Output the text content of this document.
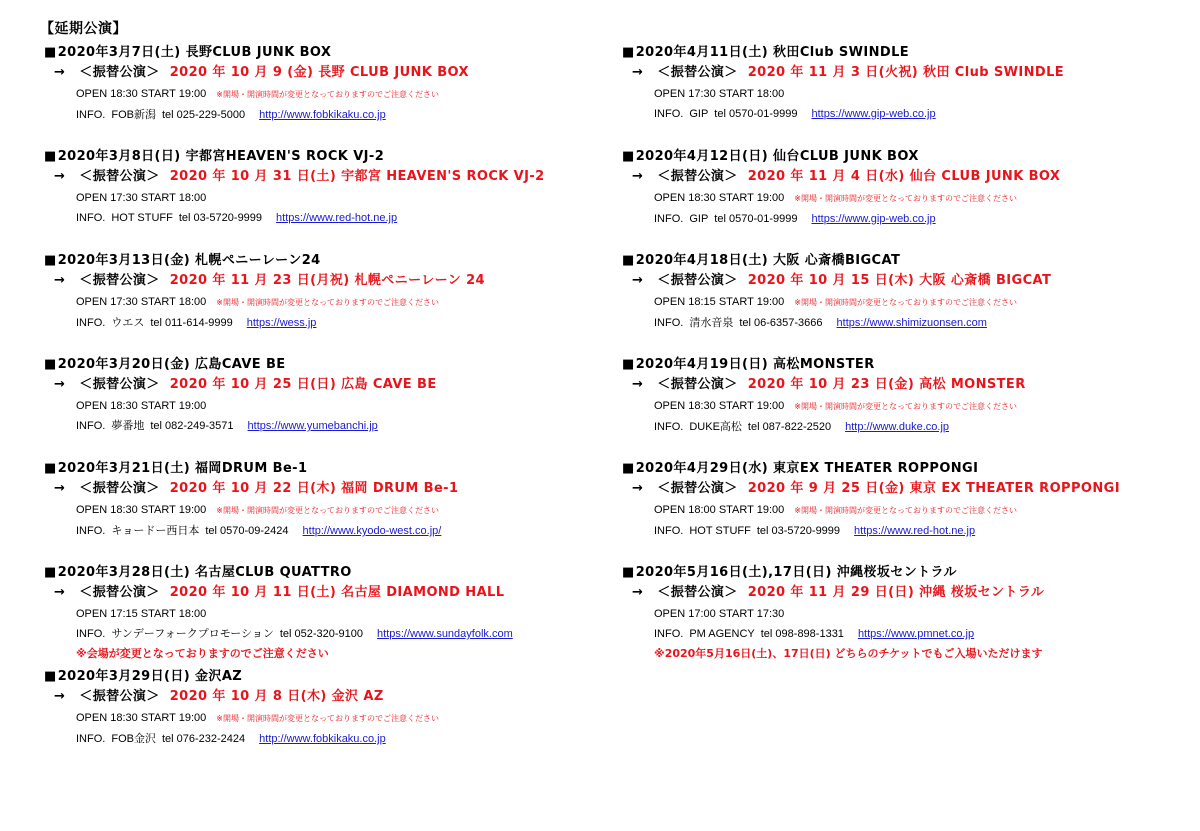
【延期公演】
■2020年3月7日(土) 長野CLUB JUNK BOX
→ ＜振替公演＞ 2020 年 10 月 9 (金) 長野 CLUB JUNK BOX
OPEN 18:30 START 19:00 ※開場・開演時間が変更となっておりますのでご注意ください
INFO. FOB新潟 tel 025-229-5000 http://www.fobkikaku.co.jp
■2020年3月8日(日) 宇都宮HEAVEN'S ROCK VJ-2
→ ＜振替公演＞ 2020 年 10 月 31 日(土) 宇都宮 HEAVEN'S ROCK VJ-2
OPEN 17:30 START 18:00
INFO. HOT STUFF tel 03-5720-9999 https://www.red-hot.ne.jp
■2020年3月13日(金) 札幌ペニーレーン24
→ ＜振替公演＞ 2020 年 11 月 23 日(月祝) 札幌ペニーレーン 24
OPEN 17:30 START 18:00 ※開場・開演時間が変更となっておりますのでご注意ください
INFO. ウエス tel 011-614-9999 https://wess.jp
■2020年3月20日(金) 広島CAVE BE
→ ＜振替公演＞ 2020 年 10 月 25 日(日) 広島 CAVE BE
OPEN 18:30 START 19:00
INFO. 夢番地 tel 082-249-3571 https://www.yumebanchi.jp
■2020年3月21日(土) 福岡DRUM Be-1
→ ＜振替公演＞ 2020 年 10 月 22 日(木) 福岡 DRUM Be-1
OPEN 18:30 START 19:00 ※開場・開演時間が変更となっておりますのでご注意ください
INFO. キョードー西日本 tel 0570-09-2424 http://www.kyodo-west.co.jp/
■2020年3月28日(土) 名古屋CLUB QUATTRO
→ ＜振替公演＞ 2020 年 10 月 11 日(土) 名古屋 DIAMOND HALL
OPEN 17:15 START 18:00
INFO. サンデーフォークプロモーション tel 052-320-9100 https://www.sundayfolk.com
※会場が変更となっておりますのでご注意ください
■2020年3月29日(日) 金沢AZ
→ ＜振替公演＞ 2020 年 10 月 8 日(木) 金沢 AZ
OPEN 18:30 START 19:00 ※開場・開演時間が変更となっておりますのでご注意ください
INFO. FOB金沢 tel 076-232-2424 http://www.fobkikaku.co.jp
■2020年4月11日(土) 秋田Club SWINDLE
→ ＜振替公演＞ 2020 年 11 月 3 日(火祝) 秋田 Club SWINDLE
OPEN 17:30 START 18:00
INFO. GIP tel 0570-01-9999 https://www.gip-web.co.jp
■2020年4月12日(日) 仙台CLUB JUNK BOX
→ ＜振替公演＞ 2020 年 11 月 4 日(水) 仙台 CLUB JUNK BOX
OPEN 18:30 START 19:00 ※開場・開演時間が変更となっておりますのでご注意ください
INFO. GIP tel 0570-01-9999 https://www.gip-web.co.jp
■2020年4月18日(土) 大阪 心斎橋BIGCAT
→ ＜振替公演＞ 2020 年 10 月 15 日(木) 大阪 心斎橋 BIGCAT
OPEN 18:15 START 19:00 ※開場・開演時間が変更となっておりますのでご注意ください
INFO. 清水音泉 tel 06-6357-3666 https://www.shimizuonsen.com
■2020年4月19日(日) 高松MONSTER
→ ＜振替公演＞ 2020 年 10 月 23 日(金) 高松 MONSTER
OPEN 18:30 START 19:00 ※開場・開演時間が変更となっておりますのでご注意ください
INFO. DUKE高松 tel 087-822-2520 http://www.duke.co.jp
■2020年4月29日(水) 東京EX THEATER ROPPONGI
→ ＜振替公演＞ 2020 年 9 月 25 日(金) 東京 EX THEATER ROPPONGI
OPEN 18:00 START 19:00 ※開場・開演時間が変更となっておりますのでご注意ください
INFO. HOT STUFF tel 03-5720-9999 https://www.red-hot.ne.jp
■2020年5月16日(土),17日(日) 沖縄桜坂セントラル
→ ＜振替公演＞ 2020 年 11 月 29 日(日) 沖縄 桜坂セントラル
OPEN 17:00 START 17:30
INFO. PM AGENCY tel 098-898-1331 https://www.pmnet.co.jp
※2020年5月16日(土)、17日(日) どちらのチケットでもご入場いただけます
